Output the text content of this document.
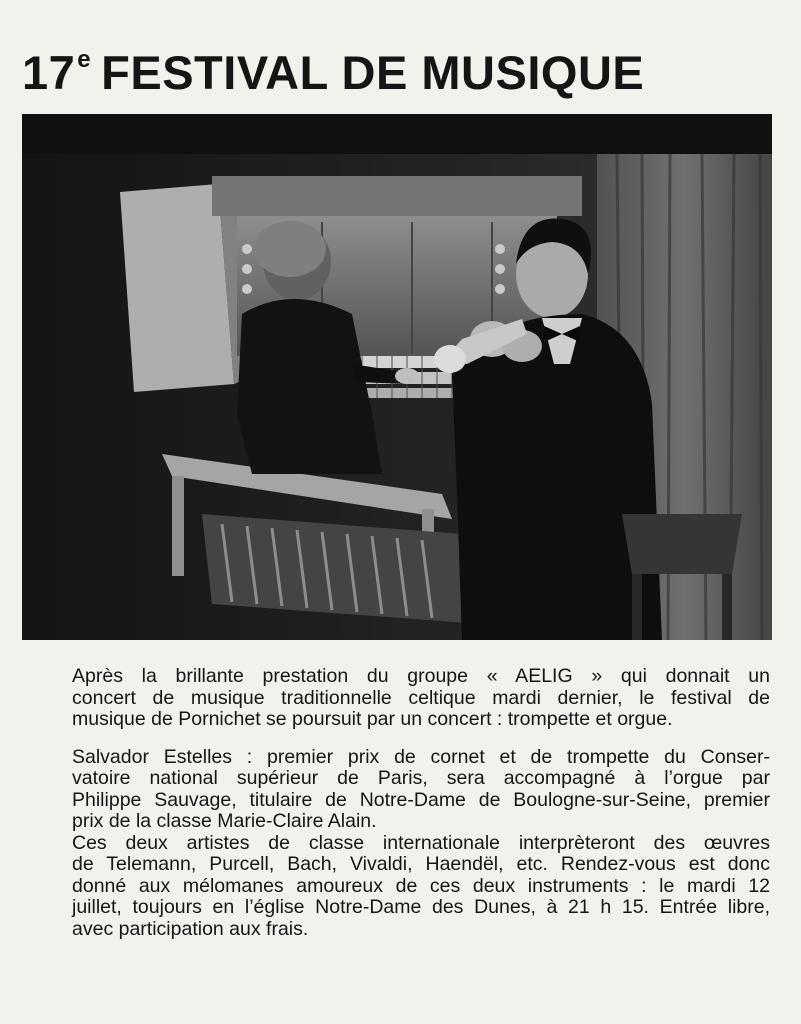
17e FESTIVAL DE MUSIQUE

Après la brillante prestation du groupe « AELIG » qui donnait un
concert de musique traditionnelle celtique mardi dernier, le festival de
musique de Pornichet se poursuit par un concert : trompette et orgue.

Salvador Estelles : premier prix de cornet et de trompette du Conser-
vatoire national supérieur de Paris, sera accompagné à l’orgue par
Philippe Sauvage, titulaire de Notre-Dame de Boulogne-sur-Seine, premier
prix de la classe Marie-Claire Alain.

Ces deux artistes de classe internationale interprèteront des œuvres
de Telemann, Purcell, Bach, Vivaldi, Haendël, etc. Rendez-vous est donc
donné aux mélomanes amoureux de ces deux instruments : le mardi 12
juillet, toujours en l’église Notre-Dame des Dunes, à 21 h 15. Entrée libre,
avec participation aux frais.
